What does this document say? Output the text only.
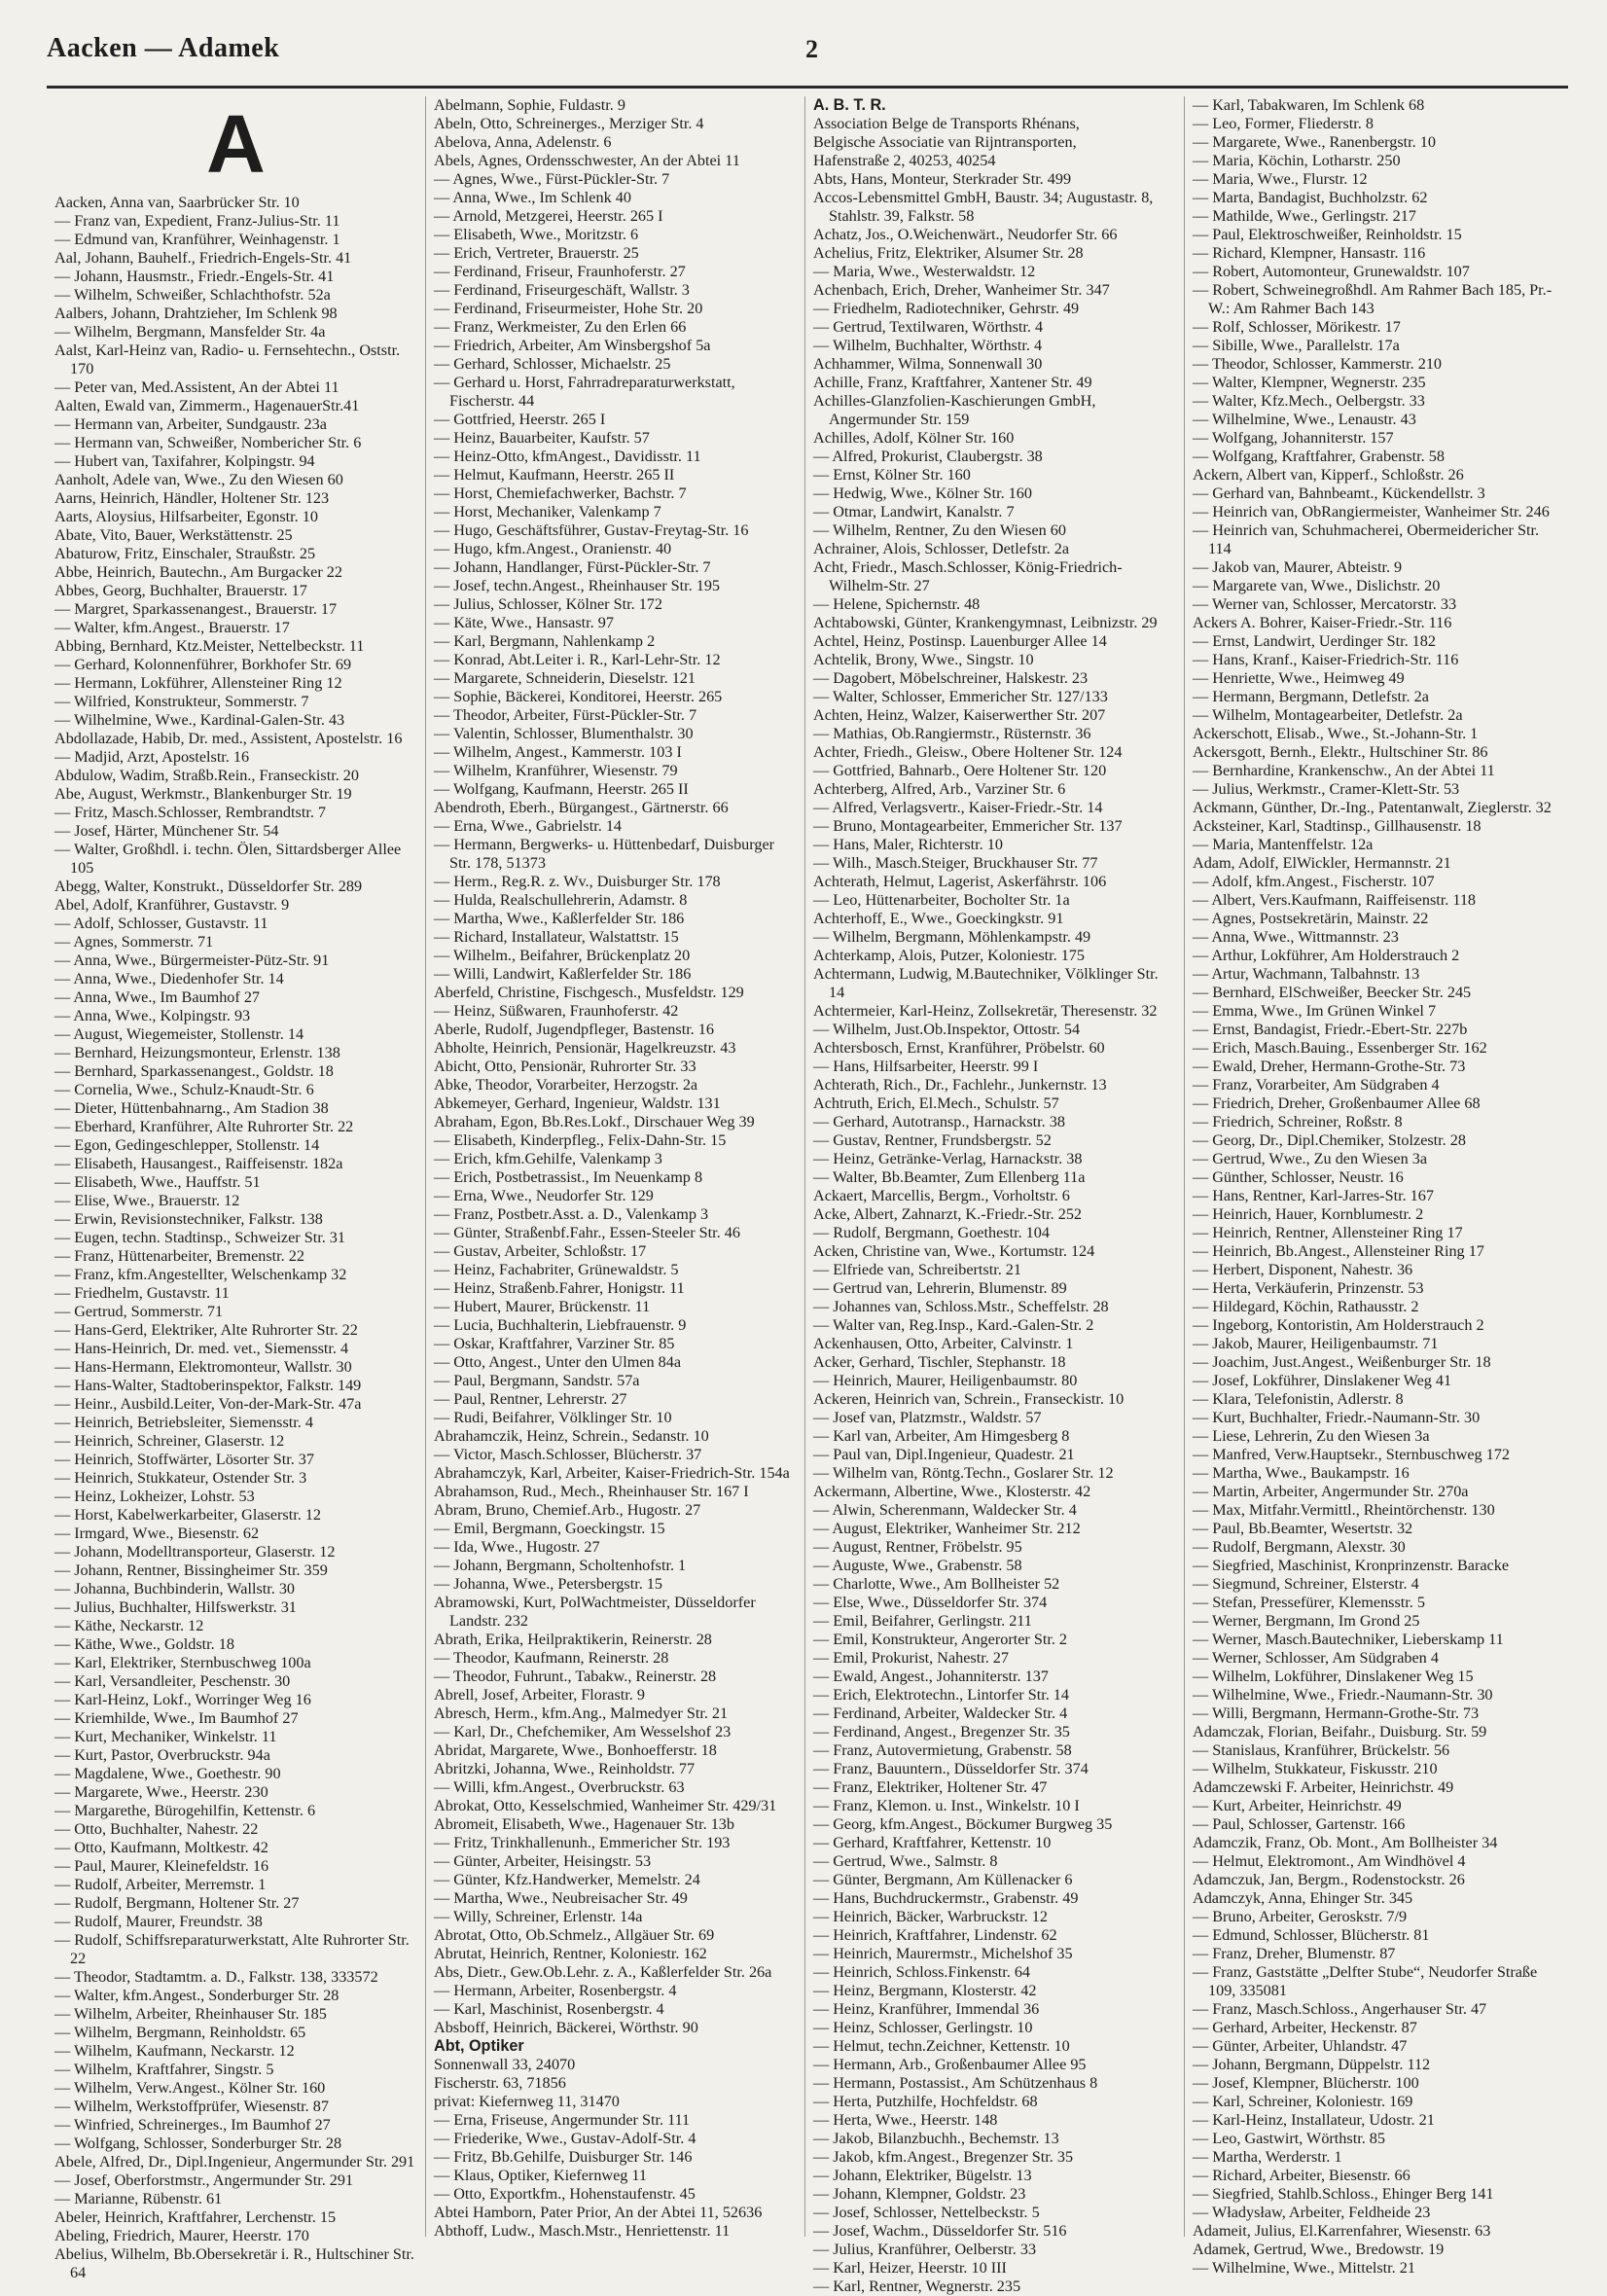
Aacken — Adamek	2
A
Aacken, Anna van, Saarbrücker Str. 10
— Franz van, Expedient, Franz-Julius-Str. 11
— Edmund van, Kranführer, Weinhagenstr. 1
Aal, Johann, Bauhelf., Friedrich-Engels-Str. 41
— Johann, Hausmstr., Friedr.-Engels-Str. 41
— Wilhelm, Schweißer, Schlachthofstr. 52a
Aalbers, Johann, Drahtzieher, Im Schlenk 98
— Wilhelm, Bergmann, Mansfelder Str. 4a
Aalst, Karl-Heinz van, Radio- u. Fernsehtechn., Oststr. 170
— Peter van, Med.Assistent, An der Abtei 11
Aalten, Ewald van, Zimmerm., HagenauerStr.41
— Hermann van, Arbeiter, Sundgaustr. 23a
— Hermann van, Schweißer, Nombericher Str. 6
— Hubert van, Taxifahrer, Kolpingstr. 94
Aanholt, Adele van, Wwe., Zu den Wiesen 60
Aarns, Heinrich, Händler, Holtener Str. 123
Aarts, Aloysius, Hilfsarbeiter, Egonstr. 10
Abate, Vito, Bauer, Werkstättenstr. 25
Abaturow, Fritz, Einschaler, Straußstr. 25
Abbe, Heinrich, Bautechn., Am Burgacker 22
Abbes, Georg, Buchhalter, Brauerstr. 17
— Margret, Sparkassenangest., Brauerstr. 17
— Walter, kfm.Angest., Brauerstr. 17
Abbing, Bernhard, Ktz.Meister, Nettelbeckstr. 11
— Gerhard, Kolonnenführer, Borkhofer Str. 69
— Hermann, Lokführer, Allensteiner Ring 12
— Wilfried, Konstrukteur, Sommerstr. 7
— Wilhelmine, Wwe., Kardinal-Galen-Str. 43
Abdollazade, Habib, Dr. med., Assistent, Apostelstr. 16
— Madjid, Arzt, Apostelstr. 16
Abdulow, Wadim, Straßb.Rein., Franseckistr. 20
Abe, August, Werkmstr., Blankenburger Str. 19
— Fritz, Masch.Schlosser, Rembrandtstr. 7
— Josef, Härter, Münchener Str. 54
— Walter, Großhdl. i. techn. Ölen, Sittardsberger Allee 105
Abegg, Walter, Konstrukt., Düsseldorfer Str. 289
Abel, Adolf, Kranführer, Gustavstr. 9
— Adolf, Schlosser, Gustavstr. 11
— Agnes, Sommerstr. 71
— Anna, Wwe., Bürgermeister-Pütz-Str. 91
— Anna, Wwe., Diedenhofer Str. 14
— Anna, Wwe., Im Baumhof 27
— Anna, Wwe., Kolpingstr. 93
— August, Wiegemeister, Stollenstr. 14
— Bernhard, Heizungsmonteur, Erlenstr. 138
— Bernhard, Sparkassenangest., Goldstr. 18
— Cornelia, Wwe., Schulz-Knaudt-Str. 6
— Dieter, Hüttenbahnarng., Am Stadion 38
— Eberhard, Kranführer, Alte Ruhrorter Str. 22
— Egon, Gedingeschlepper, Stollenstr. 14
— Elisabeth, Hausangest., Raiffeisenstr. 182a
— Elisabeth, Wwe., Hauffstr. 51
— Elise, Wwe., Brauerstr. 12
— Erwin, Revisionstechniker, Falkstr. 138
— Eugen, techn. Stadtinsp., Schweizer Str. 31
— Franz, Hüttenarbeiter, Bremenstr. 22
— Franz, kfm.Angestellter, Welschenkamp 32
— Friedhelm, Gustavstr. 11
— Gertrud, Sommerstr. 71
— Hans-Gerd, Elektriker, Alte Ruhrorter Str. 22
— Hans-Heinrich, Dr. med. vet., Siemensstr. 4
— Hans-Hermann, Elektromonteur, Wallstr. 30
— Hans-Walter, Stadtoberinspektor, Falkstr. 149
— Heinr., Ausbild.Leiter, Von-der-Mark-Str. 47a
— Heinrich, Betriebsleiter, Siemensstr. 4
— Heinrich, Schreiner, Glaserstr. 12
— Heinrich, Stoffwärter, Lösorter Str. 37
— Heinrich, Stukkateur, Ostender Str. 3
— Heinz, Lokheizer, Lohstr. 53
— Horst, Kabelwerkarbeiter, Glaserstr. 12
— Irmgard, Wwe., Biesenstr. 62
— Johann, Modelltransporteur, Glaserstr. 12
— Johann, Rentner, Bissingheimer Str. 359
— Johanna, Buchbinderin, Wallstr. 30
— Julius, Buchhalter, Hilfswerkstr. 31
— Käthe, Neckarstr. 12
— Käthe, Wwe., Goldstr. 18
— Karl, Elektriker, Sternbuschweg 100a
— Karl, Versandleiter, Peschenstr. 30
— Karl-Heinz, Lokf., Worringer Weg 16
— Kriemhilde, Wwe., Im Baumhof 27
— Kurt, Mechaniker, Winkelstr. 11
— Kurt, Pastor, Overbruckstr. 94a
— Magdalene, Wwe., Goethestr. 90
— Margarete, Wwe., Heerstr. 230
— Margarethe, Bürogehilfin, Kettenstr. 6
— Otto, Buchhalter, Nahestr. 22
— Otto, Kaufmann, Moltkestr. 42
— Paul, Maurer, Kleinefeldstr. 16
— Rudolf, Arbeiter, Merremstr. 1
— Rudolf, Bergmann, Holtener Str. 27
— Rudolf, Maurer, Freundstr. 38
— Rudolf, Schiffsreparaturwerkstatt, Alte Ruhrorter Str. 22
— Theodor, Stadtamtm. a. D., Falkstr. 138, 333572
— Walter, kfm.Angest., Sonderburger Str. 28
— Wilhelm, Arbeiter, Rheinhauser Str. 185
— Wilhelm, Bergmann, Reinholdstr. 65
— Wilhelm, Kaufmann, Neckarstr. 12
— Wilhelm, Kraftfahrer, Singstr. 5
— Wilhelm, Verw.Angest., Kölner Str. 160
— Wilhelm, Werkstoffprüfer, Wiesenstr. 87
— Winfried, Schreinerges., Im Baumhof 27
— Wolfgang, Schlosser, Sonderburger Str. 28
Abele, Alfred, Dr., Dipl.Ingenieur, Angermunder Str. 291
— Josef, Oberforstmstr., Angermunder Str. 291
— Marianne, Rübenstr. 61
Abeler, Heinrich, Kraftfahrer, Lerchenstr. 15
Abeling, Friedrich, Maurer, Heerstr. 170
Abelius, Wilhelm, Bb.Obersekretär i. R., Hultschiner Str. 64
Abelmann, Sophie, Fuldastr. 9
Abeln, Otto, Schreinerges., Merziger Str. 4
Abelova, Anna, Adelenstr. 6
Abels, Agnes, Ordensschwester, An der Abtei 11
— Agnes, Wwe., Fürst-Pückler-Str. 7
— Anna, Wwe., Im Schlenk 40
— Arnold, Metzgerei, Heerstr. 265 I
— Elisabeth, Wwe., Moritzstr. 6
— Erich, Vertreter, Brauerstr. 25
— Ferdinand, Friseur, Fraunhoferstr. 27
— Ferdinand, Friseurgeschäft, Wallstr. 3
— Ferdinand, Friseurmeister, Hohe Str. 20
— Franz, Werkmeister, Zu den Erlen 66
— Friedrich, Arbeiter, Am Winsbergshof 5a
— Gerhard, Schlosser, Michaelstr. 25
— Gerhard u. Horst, Fahrradreparaturwerkstatt, Fischerstr. 44
— Gottfried, Heerstr. 265 I
— Heinz, Bauarbeiter, Kaufstr. 57
— Heinz-Otto, kfmAngest., Davidisstr. 11
— Helmut, Kaufmann, Heerstr. 265 II
— Horst, Chemiefachwerker, Bachstr. 7
— Horst, Mechaniker, Valenkamp 7
— Hugo, Geschäftsführer, Gustav-Freytag-Str. 16
— Hugo, kfm.Angest., Oranienstr. 40
— Johann, Handlanger, Fürst-Pückler-Str. 7
— Josef, techn.Angest., Rheinhauser Str. 195
— Julius, Schlosser, Kölner Str. 172
— Käte, Wwe., Hansastr. 97
— Karl, Bergmann, Nahlenkamp 2
— Konrad, Abt.Leiter i. R., Karl-Lehr-Str. 12
— Margarete, Schneiderin, Dieselstr. 121
— Sophie, Bäckerei, Konditorei, Heerstr. 265
— Theodor, Arbeiter, Fürst-Pückler-Str. 7
— Valentin, Schlosser, Blumenthalstr. 30
— Wilhelm, Angest., Kammerstr. 103 I
— Wilhelm, Kranführer, Wiesenstr. 79
— Wolfgang, Kaufmann, Heerstr. 265 II
Abendroth, Eberh., Bürgangest., Gärtnerstr. 66
— Erna, Wwe., Gabrielstr. 14
— Hermann, Bergwerks- u. Hüttenbedarf, Duisburger Str. 178, 51373
— Herm., Reg.R. z. Wv., Duisburger Str. 178
— Hulda, Realschullehrerin, Adamstr. 8
— Martha, Wwe., Kaßlerfelder Str. 186
— Richard, Installateur, Walstattstr. 15
— Wilhelm., Beifahrer, Brückenplatz 20
— Willi, Landwirt, Kaßlerfelder Str. 186
Aberfeld, Christine, Fischgesch., Musfeldstr. 129
— Heinz, Süßwaren, Fraunhoferstr. 42
Aberle, Rudolf, Jugendpfleger, Bastenstr. 16
Abholte, Heinrich, Pensionär, Hagelkreuzstr. 43
Abicht, Otto, Pensionär, Ruhrorter Str. 33
Abke, Theodor, Vorarbeiter, Herzogstr. 2a
Abkemeyer, Gerhard, Ingenieur, Waldstr. 131
Abraham, Egon, Bb.Res.Lokf., Dirschauer Weg 39
— Elisabeth, Kinderpfleg., Felix-Dahn-Str. 15
— Erich, kfm.Gehilfe, Valenkamp 3
— Erich, Postbetrassist., Im Neuenkamp 8
— Erna, Wwe., Neudorfer Str. 129
— Franz, Postbetr.Asst. a. D., Valenkamp 3
— Günter, Straßenbf.Fahr., Essen-Steeler Str. 46
— Gustav, Arbeiter, Schloßstr. 17
— Heinz, Fachabriter, Grünewaldstr. 5
— Heinz, Straßenb.Fahrer, Honigstr. 11
— Hubert, Maurer, Brückenstr. 11
— Lucia, Buchhalterin, Liebfrauenstr. 9
— Oskar, Kraftfahrer, Varziner Str. 85
— Otto, Angest., Unter den Ulmen 84a
— Paul, Bergmann, Sandstr. 57a
— Paul, Rentner, Lehrerstr. 27
— Rudi, Beifahrer, Völklinger Str. 10
Abrahamczik, Heinz, Schrein., Sedanstr. 10
— Victor, Masch.Schlosser, Blücherstr. 37
Abrahamczyk, Karl, Arbeiter, Kaiser-Friedrich-Str. 154a
Abrahamson, Rud., Mech., Rheinhauser Str. 167 I
Abram, Bruno, Chemief.Arb., Hugostr. 27
— Emil, Bergmann, Goeckingstr. 15
— Ida, Wwe., Hugostr. 27
— Johann, Bergmann, Scholtenhofstr. 1
— Johanna, Wwe., Petersbergstr. 15
Abramowski, Kurt, PolWachtmeister, Düsseldorfer Landstr. 232
Abrath, Erika, Heilpraktikerin, Reinerstr. 28
— Theodor, Kaufmann, Reinerstr. 28
— Theodor, Fuhrunt., Tabakw., Reinerstr. 28
Abrell, Josef, Arbeiter, Florastr. 9
Abresch, Herm., kfm.Ang., Malmedyer Str. 21
— Karl, Dr., Chefchemiker, Am Wesselshof 23
Abridat, Margarete, Wwe., Bonhoefferstr. 18
Abritzki, Johanna, Wwe., Reinholdstr. 77
— Willi, kfm.Angest., Overbruckstr. 63
Abrokat, Otto, Kesselschmied, Wanheimer Str. 429/31
Abromeit, Elisabeth, Wwe., Hagenauer Str. 13b
— Fritz, Trinkhallenunh., Emmericher Str. 193
— Günter, Arbeiter, Heisingstr. 53
— Günter, Kfz.Handwerker, Memelstr. 24
— Martha, Wwe., Neubreisacher Str. 49
— Willy, Schreiner, Erlenstr. 14a
Abrotat, Otto, Ob.Schmelz., Allgäuer Str. 69
Abrutat, Heinrich, Rentner, Koloniestr. 162
Abs, Dietr., Gew.Ob.Lehr. z. A., Kaßlerfelder Str. 26a
— Hermann, Arbeiter, Rosenbergstr. 4
— Karl, Maschinist, Rosenbergstr. 4
Absboff, Heinrich, Bäckerei, Wörthstr. 90
Abt, Optiker
Sonnenwall 33, 24070
Fischerstr. 63, 71856
privat: Kiefernweg 11, 31470
— Erna, Friseuse, Angermunder Str. 111
— Friederike, Wwe., Gustav-Adolf-Str. 4
— Fritz, Bb.Gehilfe, Duisburger Str. 146
— Klaus, Optiker, Kiefernweg 11
— Otto, Exportkfm., Hohenstaufenstr. 45
Abtei Hamborn, Pater Prior, An der Abtei 11, 52636
Abthoff, Ludw., Masch.Mstr., Henriettenstr. 11
A. B. T. R.
Association Belge de Transports Rhénans,
Belgische Associatie van Rijntransporten,
Hafenstraße 2, 40253, 40254
Abts, Hans, Monteur, Sterkrader Str. 499
Accos-Lebensmittel GmbH, Baustr. 34; Augustastr. 8, Stahlstr. 39, Falkstr. 58
Achatz, Jos., O.Weichenwärt., Neudorfer Str. 66
Achelius, Fritz, Elektriker, Alsumer Str. 28
— Maria, Wwe., Westerwaldstr. 12
Achenbach, Erich, Dreher, Wanheimer Str. 347
— Friedhelm, Radiotechniker, Gehrstr. 49
— Gertrud, Textilwaren, Wörthstr. 4
— Wilhelm, Buchhalter, Wörthstr. 4
Achhammer, Wilma, Sonnenwall 30
Achille, Franz, Kraftfahrer, Xantener Str. 49
Achilles-Glanzfolien-Kaschierungen GmbH, Angermunder Str. 159
Achilles, Adolf, Kölner Str. 160
— Alfred, Prokurist, Claubergstr. 38
— Ernst, Kölner Str. 160
— Hedwig, Wwe., Kölner Str. 160
— Otmar, Landwirt, Kanalstr. 7
— Wilhelm, Rentner, Zu den Wiesen 60
Achrainer, Alois, Schlosser, Detlefstr. 2a
Acht, Friedr., Masch.Schlosser, König-Friedrich-Wilhelm-Str. 27
— Helene, Spichernstr. 48
Achtabowski, Günter, Krankengymnast, Leibnizstr. 29
Achtel, Heinz, Postinsp. Lauenburger Allee 14
Achtelik, Brony, Wwe., Singstr. 10
— Dagobert, Möbelschreiner, Halskestr. 23
— Walter, Schlosser, Emmericher Str. 127/133
Achten, Heinz, Walzer, Kaiserwerther Str. 207
— Mathias, Ob.Rangiermstr., Rüsternstr. 36
Achter, Friedh., Gleisw., Obere Holtener Str. 124
— Gottfried, Bahnarb., Oere Holtener Str. 120
Achterberg, Alfred, Arb., Varziner Str. 6
— Alfred, Verlagsvertr., Kaiser-Friedr.-Str. 14
— Bruno, Montagearbeiter, Emmericher Str. 137
— Hans, Maler, Richterstr. 10
— Wilh., Masch.Steiger, Bruckhauser Str. 77
Achterath, Helmut, Lagerist, Askerfährstr. 106
— Leo, Hüttenarbeiter, Bocholter Str. 1a
Achterhoff, E., Wwe., Goeckingkstr. 91
— Wilhelm, Bergmann, Möhlenkampstr. 49
Achterkamp, Alois, Putzer, Koloniestr. 175
Achtermann, Ludwig, M.Bautechniker, Völklinger Str. 14
Achtermeier, Karl-Heinz, Zollsekretär, Theresenstr. 32
— Wilhelm, Just.Ob.Inspektor, Ottostr. 54
Achtersbosch, Ernst, Kranführer, Pröbelstr. 60
— Hans, Hilfsarbeiter, Heerstr. 99 I
Achterath, Rich., Dr., Fachlehr., Junkernstr. 13
Achtruth, Erich, El.Mech., Schulstr. 57
— Gerhard, Autotransp., Harnackstr. 38
— Gustav, Rentner, Frundsbergstr. 52
— Heinz, Getränke-Verlag, Harnackstr. 38
— Walter, Bb.Beamter, Zum Ellenberg 11a
Ackaert, Marcellis, Bergm., Vorholtstr. 6
Acke, Albert, Zahnarzt, K.-Friedr.-Str. 252
— Rudolf, Bergmann, Goethestr. 104
Acken, Christine van, Wwe., Kortumstr. 124
— Elfriede van, Schreibertstr. 21
— Gertrud van, Lehrerin, Blumenstr. 89
— Johannes van, Schloss.Mstr., Scheffelstr. 28
— Walter van, Reg.Insp., Kard.-Galen-Str. 2
Ackenhausen, Otto, Arbeiter, Calvinstr. 1
Acker, Gerhard, Tischler, Stephanstr. 18
— Heinrich, Maurer, Heiligenbaumstr. 80
Ackeren, Heinrich van, Schrein., Franseckistr. 10
— Josef van, Platzmstr., Waldstr. 57
— Karl van, Arbeiter, Am Himgesberg 8
— Paul van, Dipl.Ingenieur, Quadestr. 21
— Wilhelm van, Röntg.Techn., Goslarer Str. 12
Ackermann, Albertine, Wwe., Klosterstr. 42
— Alwin, Scherenmann, Waldecker Str. 4
— August, Elektriker, Wanheimer Str. 212
— August, Rentner, Fröbelstr. 95
— Auguste, Wwe., Grabenstr. 58
— Charlotte, Wwe., Am Bollheister 52
— Else, Wwe., Düsseldorfer Str. 374
— Emil, Beifahrer, Gerlingstr. 211
— Emil, Konstrukteur, Angerorter Str. 2
— Emil, Prokurist, Nahestr. 27
— Ewald, Angest., Johanniterstr. 137
— Erich, Elektrotechn., Lintorfer Str. 14
— Ferdinand, Arbeiter, Waldecker Str. 4
— Ferdinand, Angest., Bregenzer Str. 35
— Franz, Autovermietung, Grabenstr. 58
— Franz, Bauuntern., Düsseldorfer Str. 374
— Franz, Elektriker, Holtener Str. 47
— Franz, Klemon. u. Inst., Winkelstr. 10 I
— Georg, kfm.Angest., Böckumer Burgweg 35
— Gerhard, Kraftfahrer, Kettenstr. 10
— Gertrud, Wwe., Salmstr. 8
— Günter, Bergmann, Am Küllenacker 6
— Hans, Buchdruckermstr., Grabenstr. 49
— Heinrich, Bäcker, Warbruckstr. 12
— Heinrich, Kraftfahrer, Lindenstr. 62
— Heinrich, Maurermstr., Michelshof 35
— Heinrich, Schloss.Finkenstr. 64
— Heinz, Bergmann, Klosterstr. 42
— Heinz, Kranführer, Immendal 36
— Heinz, Schlosser, Gerlingstr. 10
— Helmut, techn.Zeichner, Kettenstr. 10
— Hermann, Arb., Großenbaumer Allee 95
— Hermann, Postassist., Am Schützenhaus 8
— Herta, Putzhilfe, Hochfeldstr. 68
— Herta, Wwe., Heerstr. 148
— Jakob, Bilanzbuchh., Bechemstr. 13
— Jakob, kfm.Angest., Bregenzer Str. 35
— Johann, Elektriker, Bügelstr. 13
— Johann, Klempner, Goldstr. 23
— Josef, Schlosser, Nettelbeckstr. 5
— Josef, Wachm., Düsseldorfer Str. 516
— Julius, Kranführer, Oelberstr. 33
— Karl, Heizer, Heerstr. 10 III
— Karl, Rentner, Wegnerstr. 235
— Karl, Tabakwaren, Im Schlenk 68
— Leo, Former, Fliederstr. 8
— Margarete, Wwe., Ranenbergstr. 10
— Maria, Köchin, Lotharstr. 250
— Maria, Wwe., Flurstr. 12
— Marta, Bandagist, Buchholzstr. 62
— Mathilde, Wwe., Gerlingstr. 217
— Paul, Elektroschweißer, Reinholdstr. 15
— Richard, Klempner, Hansastr. 116
— Robert, Automonteur, Grunewaldstr. 107
— Robert, Schweinegroßhdl. Am Rahmer Bach 185, Pr.-W.: Am Rahmer Bach 143
— Rolf, Schlosser, Mörikestr. 17
— Sibille, Wwe., Parallelstr. 17a
— Theodor, Schlosser, Kammerstr. 210
— Walter, Klempner, Wegnerstr. 235
— Walter, Kfz.Mech., Oelbergstr. 33
— Wilhelmine, Wwe., Lenaustr. 43
— Wolfgang, Johanniterstr. 157
— Wolfgang, Kraftfahrer, Grabenstr. 58
Ackern, Albert van, Kipperf., Schloßstr. 26
— Gerhard van, Bahnbeamt., Kückendellstr. 3
— Heinrich van, ObRangiermeister, Wanheimer Str. 246
— Heinrich van, Schuhmacherei, Obermeidericher Str. 114
— Jakob van, Maurer, Abteistr. 9
— Margarete van, Wwe., Dislichstr. 20
— Werner van, Schlosser, Mercatorstr. 33
Ackers A. Bohrer, Kaiser-Friedr.-Str. 116
— Ernst, Landwirt, Uerdinger Str. 182
— Hans, Kranf., Kaiser-Friedrich-Str. 116
— Henriette, Wwe., Heimweg 49
— Hermann, Bergmann, Detlefstr. 2a
— Wilhelm, Montagearbeiter, Detlefstr. 2a
Ackerschott, Elisab., Wwe., St.-Johann-Str. 1
Ackersgott, Bernh., Elektr., Hultschiner Str. 86
— Bernhardine, Krankenschw., An der Abtei 11
— Julius, Werkmstr., Cramer-Klett-Str. 53
Ackmann, Günther, Dr.-Ing., Patentanwalt, Zieglerstr. 32
Acksteiner, Karl, Stadtinsp., Gillhausenstr. 18
— Maria, Mantenffelstr. 12a
Adam, Adolf, ElWickler, Hermannstr. 21
— Adolf, kfm.Angest., Fischerstr. 107
— Albert, Vers.Kaufmann, Raiffeisenstr. 118
— Agnes, Postsekretärin, Mainstr. 22
— Anna, Wwe., Wittmannstr. 23
— Arthur, Lokführer, Am Holderstrauch 2
— Artur, Wachmann, Talbahnstr. 13
— Bernhard, ElSchweißer, Beecker Str. 245
— Emma, Wwe., Im Grünen Winkel 7
— Ernst, Bandagist, Friedr.-Ebert-Str. 227b
— Erich, Masch.Bauing., Essenberger Str. 162
— Ewald, Dreher, Hermann-Grothe-Str. 73
— Franz, Vorarbeiter, Am Südgraben 4
— Friedrich, Dreher, Großenbaumer Allee 68
— Friedrich, Schreiner, Roßstr. 8
— Georg, Dr., Dipl.Chemiker, Stolzestr. 28
— Gertrud, Wwe., Zu den Wiesen 3a
— Günther, Schlosser, Neustr. 16
— Hans, Rentner, Karl-Jarres-Str. 167
— Heinrich, Hauer, Kornblumestr. 2
— Heinrich, Rentner, Allensteiner Ring 17
— Heinrich, Bb.Angest., Allensteiner Ring 17
— Herbert, Disponent, Nahestr. 36
— Herta, Verkäuferin, Prinzenstr. 53
— Hildegard, Köchin, Rathausstr. 2
— Ingeborg, Kontoristin, Am Holderstrauch 2
— Jakob, Maurer, Heiligenbaumstr. 71
— Joachim, Just.Angest., Weißenburger Str. 18
— Josef, Lokführer, Dinslakener Weg 41
— Klara, Telefonistin, Adlerstr. 8
— Kurt, Buchhalter, Friedr.-Naumann-Str. 30
— Liese, Lehrerin, Zu den Wiesen 3a
— Manfred, Verw.Hauptsekr., Sternbuschweg 172
— Martha, Wwe., Baukampstr. 16
— Martin, Arbeiter, Angermunder Str. 270a
— Max, Mitfahr.Vermittl., Rheintörchenstr. 130
— Paul, Bb.Beamter, Wesertstr. 32
— Rudolf, Bergmann, Alexstr. 30
— Siegfried, Maschinist, Kronprinzenstr. Baracke
— Siegmund, Schreiner, Elsterstr. 4
— Stefan, Pressefürer, Klemensstr. 5
— Werner, Bergmann, Im Grond 25
— Werner, Masch.Bautechniker, Lieberskamp 11
— Werner, Schlosser, Am Südgraben 4
— Wilhelm, Lokführer, Dinslakener Weg 15
— Wilhelmine, Wwe., Friedr.-Naumann-Str. 30
— Willi, Bergmann, Hermann-Grothe-Str. 73
Adamczak, Florian, Beifahr., Duisburg. Str. 59
— Stanislaus, Kranführer, Brückelstr. 56
— Wilhelm, Stukkateur, Fiskusstr. 210
Adamczewski F. Arbeiter, Heinrichstr. 49
— Kurt, Arbeiter, Heinrichstr. 49
— Paul, Schlosser, Gartenstr. 166
Adamczik, Franz, Ob. Mont., Am Bollheister 34
— Helmut, Elektromont., Am Windhövel 4
Adamczuk, Jan, Bergm., Rodenstockstr. 26
Adamczyk, Anna, Ehinger Str. 345
— Bruno, Arbeiter, Geroskstr. 7/9
— Edmund, Schlosser, Blücherstr. 81
— Franz, Dreher, Blumenstr. 87
— Franz, Gaststätte „Delfter Stube“, Neudorfer Straße 109, 335081
— Franz, Masch.Schloss., Angerhauser Str. 47
— Gerhard, Arbeiter, Heckenstr. 87
— Günter, Arbeiter, Uhlandstr. 47
— Johann, Bergmann, Düppelstr. 112
— Josef, Klempner, Blücherstr. 100
— Karl, Schreiner, Koloniestr. 169
— Karl-Heinz, Installateur, Udostr. 21
— Leo, Gastwirt, Wörthstr. 85
— Martha, Werderstr. 1
— Richard, Arbeiter, Biesenstr. 66
— Siegfried, Stahlb.Schloss., Ehinger Berg 141
— Władysław, Arbeiter, Feldheide 23
Adameit, Julius, El.Karrenfahrer, Wiesenstr. 63
Adamek, Gertrud, Wwe., Bredowstr. 19
— Wilhelmine, Wwe., Mittelstr. 21
